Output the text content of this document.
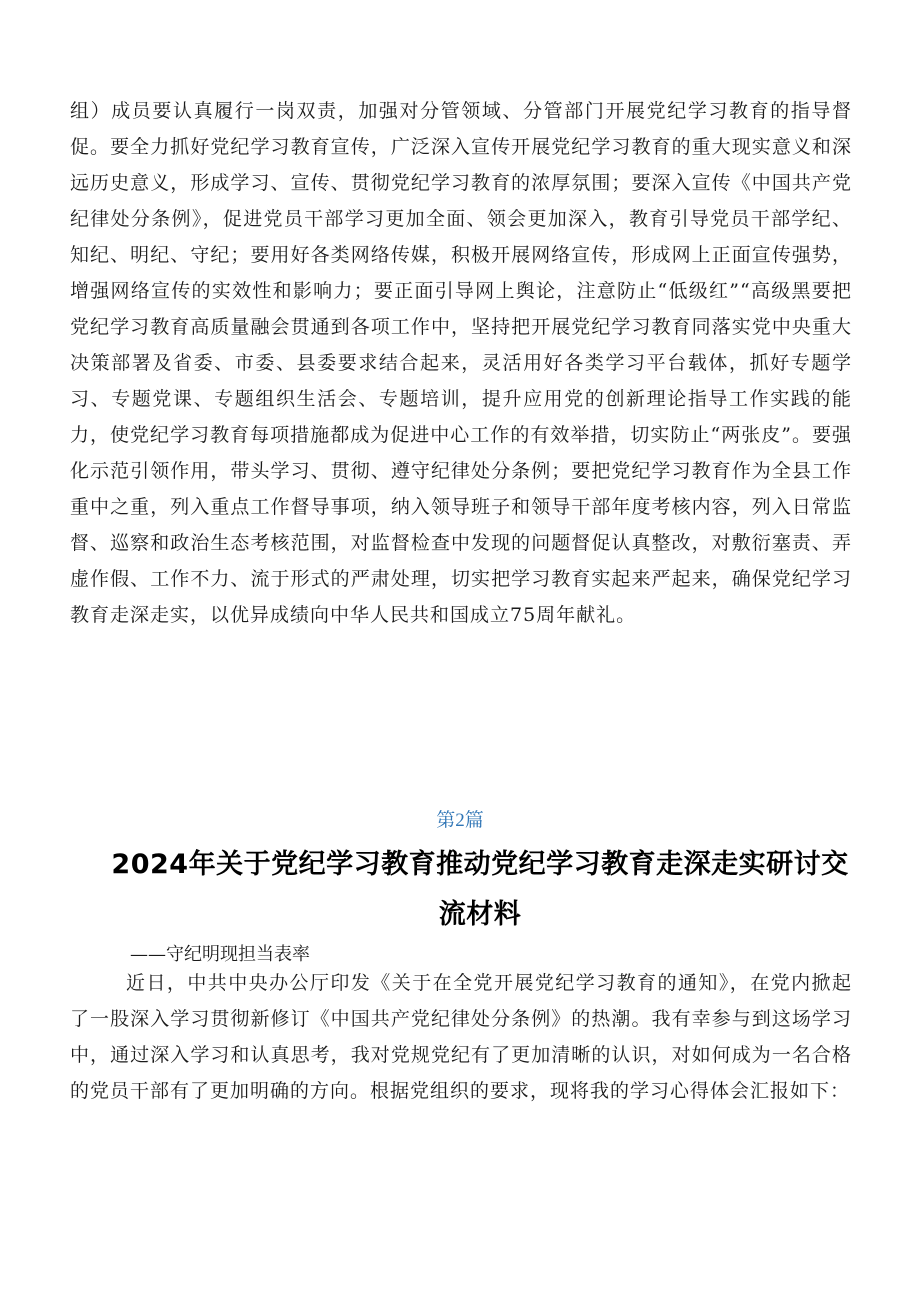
组）成员要认真履行一岗双责，加强对分管领域、分管部门开展党纪学习教育的指导督促。要全力抓好党纪学习教育宣传，广泛深入宣传开展党纪学习教育的重大现实意义和深远历史意义，形成学习、宣传、贯彻党纪学习教育的浓厚氛围；要深入宣传《中国共产党纪律处分条例》，促进党员干部学习更加全面、领会更加深入，教育引导党员干部学纪、知纪、明纪、守纪；要用好各类网络传媒，积极开展网络宣传，形成网上正面宣传强势，增强网络宣传的实效性和影响力；要正面引导网上舆论，注意防止“低级红”“高级黑要把党纪学习教育高质量融会贯通到各项工作中，坚持把开展党纪学习教育同落实党中央重大决策部署及省委、市委、县委要求结合起来，灵活用好各类学习平台载体，抓好专题学习、专题党课、专题组织生活会、专题培训，提升应用党的创新理论指导工作实践的能力，使党纪学习教育每项措施都成为促进中心工作的有效举措，切实防止“两张皮”。要强化示范引领作用，带头学习、贯彻、遵守纪律处分条例；要把党纪学习教育作为全县工作重中之重，列入重点工作督导事项，纳入领导班子和领导干部年度考核内容，列入日常监督、巡察和政治生态考核范围，对监督检查中发现的问题督促认真整改，对敷衍塞责、弄虚作假、工作不力、流于形式的严肃处理，切实把学习教育实起来严起来，确保党纪学习教育走深走实，以优异成绩向中华人民共和国成立75周年献礼。

第2篇

2024年关于党纪学习教育推动党纪学习教育走深走实研讨交流材料

——守纪明现担当表率

近日，中共中央办公厅印发《关于在全党开展党纪学习教育的通知》，在党内掀起了一股深入学习贯彻新修订《中国共产党纪律处分条例》的热潮。我有幸参与到这场学习中，通过深入学习和认真思考，我对党规党纪有了更加清晰的认识，对如何成为一名合格的党员干部有了更加明确的方向。根据党组织的要求，现将我的学习心得体会汇报如下：
